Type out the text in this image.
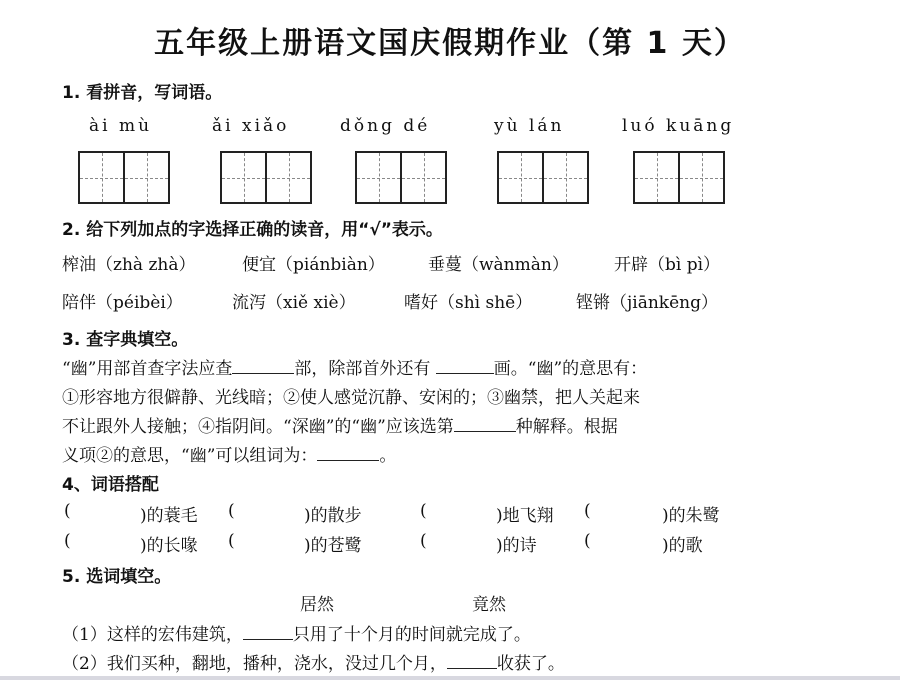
五年级上册语文国庆假期作业（第 1 天）
1. 看拼音，写词语。
ài mù	ǎi xiǎo	dǒng dé	yù lán	luó kuāng
2. 给下列加点的字选择正确的读音，用“√”表示。
榨油（zhà zhà）	便宜（piánbiàn）	垂蔓（wànmàn）	开辟（bì pì）
陪伴（péibèi）	流泻（xiě xiè）	嗜好（shì shē）	铿锵（jiānkēng）
3. 查字典填空。
“幽”用部首查字法应查	部，除部首外还有	画。“幽”的意思有：
①形容地方很僻静、光线暗；②使人感觉沉静、安闲的；③幽禁，把人关起来
不让跟外人接触；④指阴间。“深幽”的“幽”应该选第	种解释。根据
义项②的意思，“幽”可以组词为：	。
4、词语搭配
(	)的蓑毛 (	)的散步	(	)地飞翔 (	)的朱鹭
(	)的长喙 (	)的苍鹭	(	)的诗	(	)的歌
5. 选词填空。
居然	竟然
（1）这样的宏伟建筑，	只用了十个月的时间就完成了。
（2）我们买种，翻地，播种，浇水，没过几个月，	收获了。
